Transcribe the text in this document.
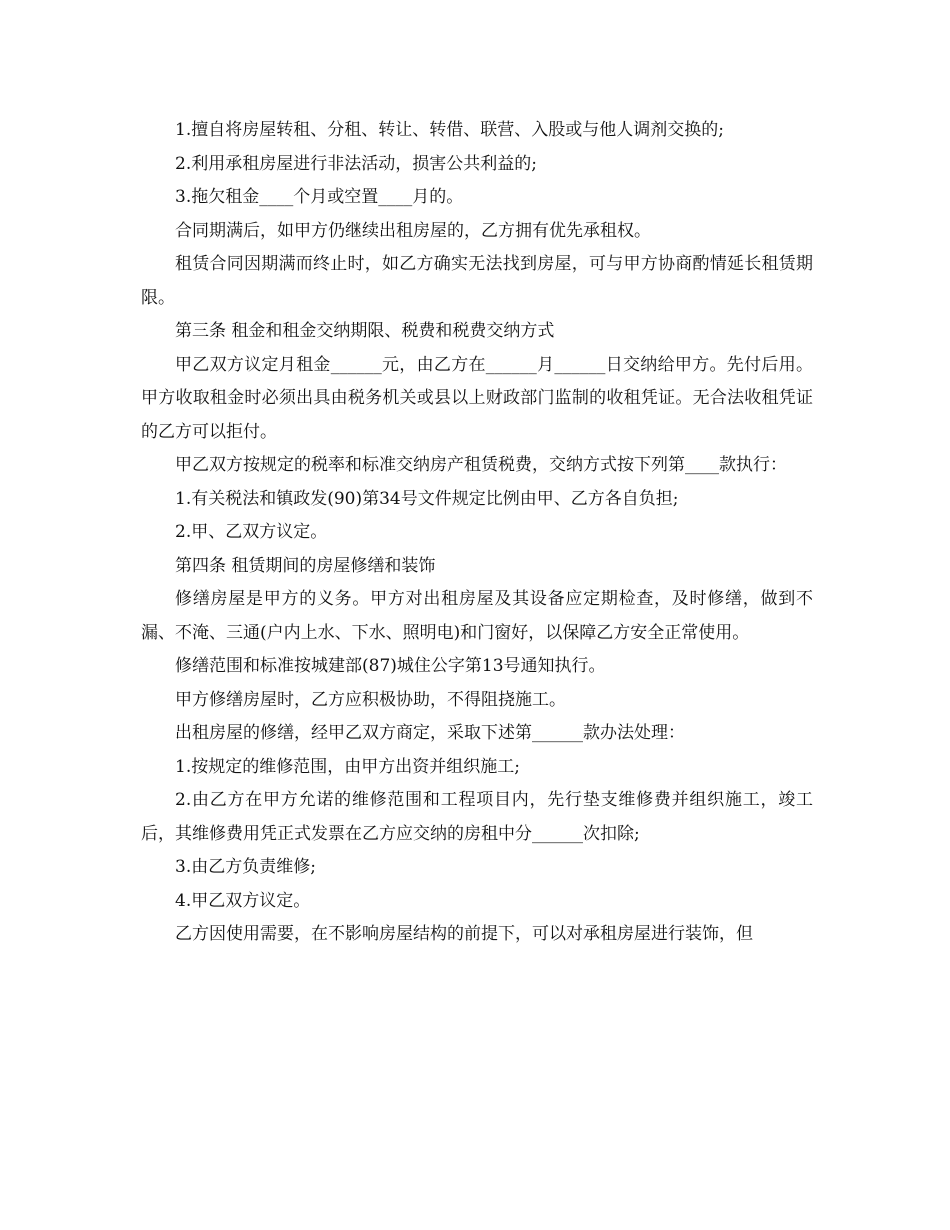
1.擅自将房屋转租、分租、转让、转借、联营、入股或与他人调剂交换的;

2.利用承租房屋进行非法活动，损害公共利益的;

3.拖欠租金____个月或空置____月的。

合同期满后，如甲方仍继续出租房屋的，乙方拥有优先承租权。

租赁合同因期满而终止时，如乙方确实无法找到房屋，可与甲方协商酌情延长租赁期限。

第三条 租金和租金交纳期限、税费和税费交纳方式

甲乙双方议定月租金______元，由乙方在______月______日交纳给甲方。先付后用。甲方收取租金时必须出具由税务机关或县以上财政部门监制的收租凭证。无合法收租凭证的乙方可以拒付。

甲乙双方按规定的税率和标准交纳房产租赁税费，交纳方式按下列第____款执行：

1.有关税法和镇政发(90)第34号文件规定比例由甲、乙方各自负担;

2.甲、乙双方议定。

第四条 租赁期间的房屋修缮和装饰

修缮房屋是甲方的义务。甲方对出租房屋及其设备应定期检查，及时修缮，做到不漏、不淹、三通(户内上水、下水、照明电)和门窗好，以保障乙方安全正常使用。

修缮范围和标准按城建部(87)城住公字第13号通知执行。

甲方修缮房屋时，乙方应积极协助，不得阻挠施工。

出租房屋的修缮，经甲乙双方商定，采取下述第______款办法处理：

1.按规定的维修范围，由甲方出资并组织施工;

2.由乙方在甲方允诺的维修范围和工程项目内，先行垫支维修费并组织施工，竣工后，其维修费用凭正式发票在乙方应交纳的房租中分______次扣除;

3.由乙方负责维修;

4.甲乙双方议定。

乙方因使用需要，在不影响房屋结构的前提下，可以对承租房屋进行装饰，但
